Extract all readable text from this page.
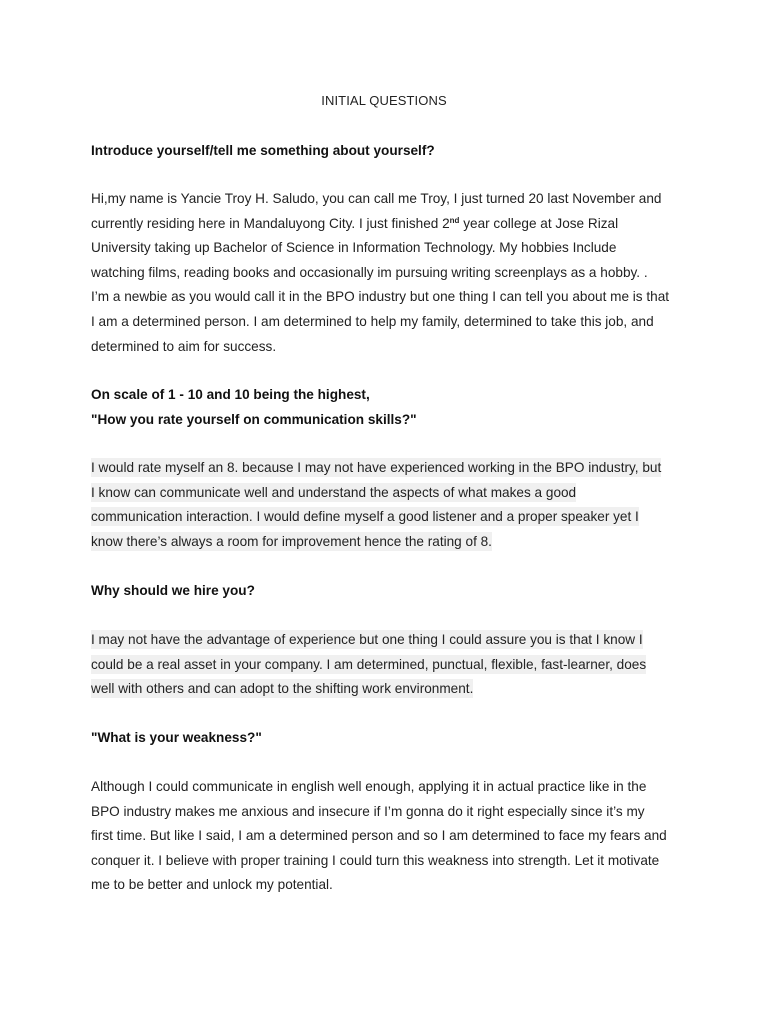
INITIAL QUESTIONS
Introduce yourself/tell me something about yourself?
Hi,my name is Yancie Troy H. Saludo, you can call me Troy, I just turned 20 last November and
currently residing here in Mandaluyong City. I just finished 2nd year college at Jose Rizal
University taking up Bachelor of Science in Information Technology. My hobbies Include
watching films, reading books and occasionally im pursuing writing screenplays as a hobby. .
I’m a newbie as you would call it in the BPO industry but one thing I can tell you about me is that
I am a determined person. I am determined to help my family, determined to take this job, and
determined to aim for success.
On scale of 1 - 10 and 10 being the highest,
"How you rate yourself on communication skills?"
I would rate myself an 8. because I may not have experienced working in the BPO industry, but
I know can communicate well and understand the aspects of what makes a good
communication interaction. I would define myself a good listener and a proper speaker yet I
know there’s always a room for improvement hence the rating of 8.
Why should we hire you?
I may not have the advantage of experience but one thing I could assure you is that I know I
could be a real asset in your company. I am determined, punctual, flexible, fast-learner, does
well with others and can adopt to the shifting work environment.
"What is your weakness?"
Although I could communicate in english well enough, applying it in actual practice like in the
BPO industry makes me anxious and insecure if I’m gonna do it right especially since it’s my
first time. But like I said, I am a determined person and so I am determined to face my fears and
conquer it. I believe with proper training I could turn this weakness into strength. Let it motivate
me to be better and unlock my potential.
